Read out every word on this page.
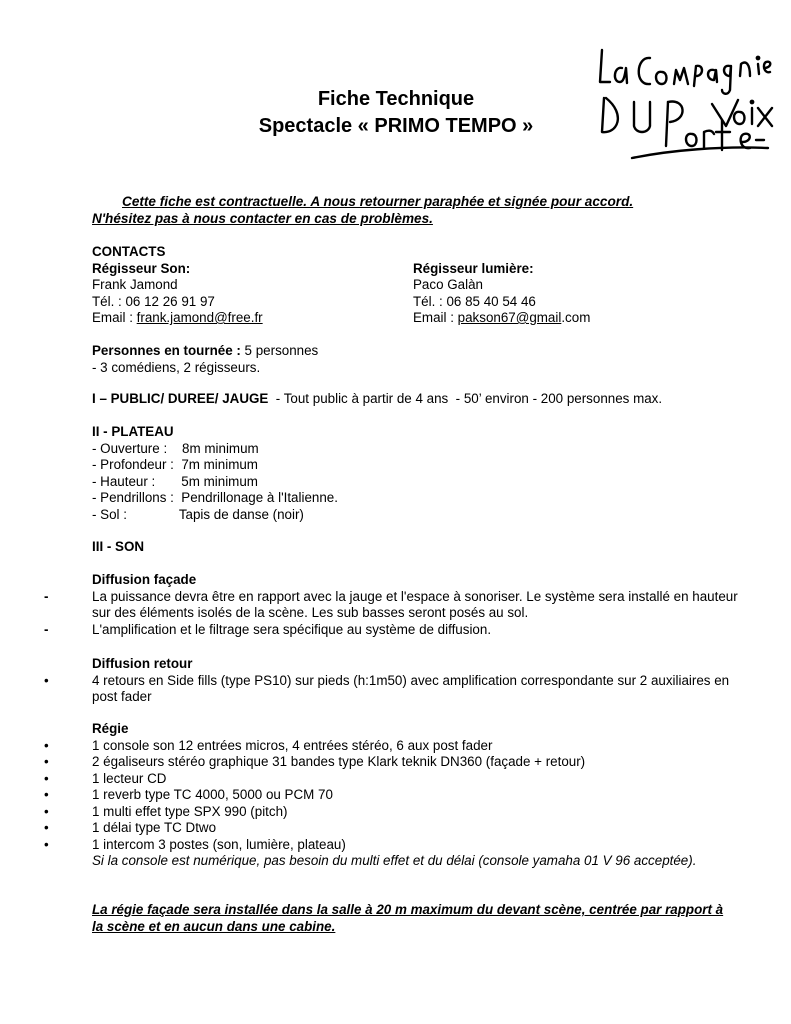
Fiche Technique
Spectacle « PRIMO TEMPO »
Cette fiche est contractuelle. A nous retourner paraphée et signée pour accord.
N'hésitez pas à nous contacter en cas de problèmes.
CONTACTS
Régisseur Son:
Frank Jamond
Tél. : 06 12 26 91 97
Email : frank.jamond@free.fr
Régisseur lumière:
Paco Galàn
Tél. : 06 85 40 54 46
Email : pakson67@gmail.com
Personnes en tournée : 5 personnes
- 3 comédiens, 2 régisseurs.
I – PUBLIC/ DUREE/ JAUGE  - Tout public à partir de 4 ans  - 50’ environ - 200 personnes max.
II - PLATEAU
- Ouverture :    8m minimum
- Profondeur :  7m minimum
- Hauteur :       5m minimum
- Pendrillons :  Pendrillonage à l'Italienne.
- Sol :              Tapis de danse (noir)
III - SON
Diffusion façade
-	La puissance devra être en rapport avec la jauge et l'espace à sonoriser. Le système sera installé en hauteur sur des éléments isolés de la scène. Les sub basses seront posés au sol.
-	L'amplification et le filtrage sera spécifique au système de diffusion.
Diffusion retour
•	4 retours en Side fills (type PS10) sur pieds (h:1m50) avec amplification correspondante sur 2 auxiliaires en post fader
Régie
•	1 console son 12 entrées micros, 4 entrées stéréo, 6 aux post fader
•	2 égaliseurs stéréo graphique 31 bandes type Klark teknik DN360 (façade + retour)
•	1 lecteur CD
•	1 reverb type TC 4000, 5000 ou PCM 70
•	1 multi effet type SPX 990 (pitch)
•	1 délai type TC Dtwo
•	1 intercom 3 postes (son, lumière, plateau)
Si la console est numérique, pas besoin du multi effet et du délai (console yamaha 01 V 96 acceptée).
La régie façade sera installée dans la salle à 20 m maximum du devant scène, centrée par rapport à la scène et en aucun dans une cabine.
